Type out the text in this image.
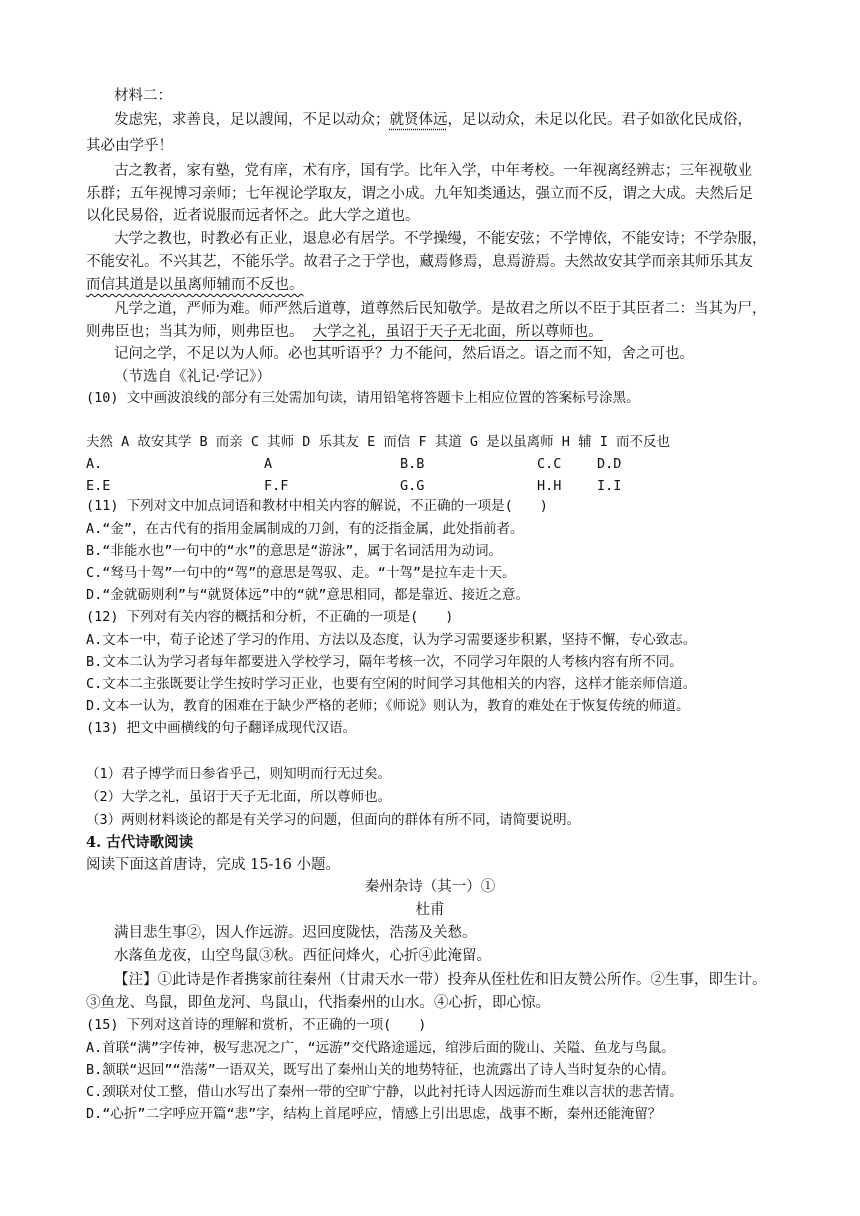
材料二：
发虑宪，求善良，足以謏闻，不足以动众；就贤体远，足以动众，未足以化民。君子如欲化民成俗，
其必由学乎！
古之教者，家有塾，党有庠，术有序，国有学。比年入学，中年考校。一年视离经辨志；三年视敬业
乐群；五年视博习亲师；七年视论学取友，谓之小成。九年知类通达，强立而不反，谓之大成。夫然后足
以化民易俗，近者说服而远者怀之。此大学之道也。
大学之教也，时教必有正业，退息必有居学。不学操缦，不能安弦；不学博依，不能安诗；不学杂服，
不能安礼。不兴其艺，不能乐学。故君子之于学也，藏焉修焉，息焉游焉。夫然故安其学而亲其师乐其友
而信其道是以虽离师辅而不反也。
凡学之道，严师为难。师严然后道尊，道尊然后民知敬学。是故君之所以不臣于其臣者二：当其为尸，
则弗臣也；当其为师，则弗臣也。 大学之礼，虽诏于天子无北面，所以尊师也。
记问之学，不足以为人师。必也其听语乎？力不能问，然后语之。语之而不知，舍之可也。
（节选自《礼记·学记》）
(10) 文中画波浪线的部分有三处需加句读，请用铅笔将答题卡上相应位置的答案标号涂黑。
夫然 A 故安其学 B 而亲 C 其师 D 乐其友 E 而信 F 其道 G 是以虽离师 H 辅 I 而不反也
A.	A	B.B	C.C	D.D
E.E	F.F	G.G	H.H	I.I
(11) 下列对文中加点词语和教材中相关内容的解说，不正确的一项是(　　)
A.“金”，在古代有的指用金属制成的刀剑，有的泛指金属，此处指前者。
B.“非能水也”一句中的“水”的意思是“游泳”，属于名词活用为动词。
C.“驽马十驾”一句中的“驾”的意思是驾驭、走。“十驾”是拉车走十天。
D.“金就砺则利”与“就贤体远”中的“就”意思相同，都是靠近、接近之意。
(12) 下列对有关内容的概括和分析，不正确的一项是(　　)
A.文本一中，荀子论述了学习的作用、方法以及态度，认为学习需要逐步积累，坚持不懈，专心致志。
B.文本二认为学习者每年都要进入学校学习，隔年考核一次，不同学习年限的人考核内容有所不同。
C.文本二主张既要让学生按时学习正业，也要有空闲的时间学习其他相关的内容，这样才能亲师信道。
D.文本一认为，教育的困难在于缺少严格的老师；《师说》则认为，教育的难处在于恢复传统的师道。
(13) 把文中画横线的句子翻译成现代汉语。
（1）君子博学而日参省乎己，则知明而行无过矣。
（2）大学之礼，虽诏于天子无北面，所以尊师也。
（3）两则材料谈论的都是有关学习的问题，但面向的群体有所不同，请简要说明。
4. 古代诗歌阅读
阅读下面这首唐诗，完成 15-16 小题。
秦州杂诗（其一）①
杜甫
满目悲生事②，因人作远游。迟回度陇怯，浩荡及关愁。
水落鱼龙夜，山空鸟鼠③秋。西征问烽火，心折④此淹留。
【注】①此诗是作者携家前往秦州（甘肃天水一带）投奔从侄杜佐和旧友赞公所作。②生事，即生计。
③鱼龙、鸟鼠，即鱼龙河、鸟鼠山，代指秦州的山水。④心折，即心惊。
(15) 下列对这首诗的理解和赏析，不正确的一项(　　)
A.首联“满”字传神，极写悲况之广，“远游”交代路途遥远，绾涉后面的陇山、关隘、鱼龙与鸟鼠。
B.颔联“迟回”“浩荡”一语双关，既写出了秦州山关的地势特征，也流露出了诗人当时复杂的心情。
C.颈联对仗工整，借山水写出了秦州一带的空旷宁静，以此衬托诗人因远游而生难以言状的悲苦情。
D.“心折”二字呼应开篇“悲”字，结构上首尾呼应，情感上引出思虑，战事不断，秦州还能淹留？
